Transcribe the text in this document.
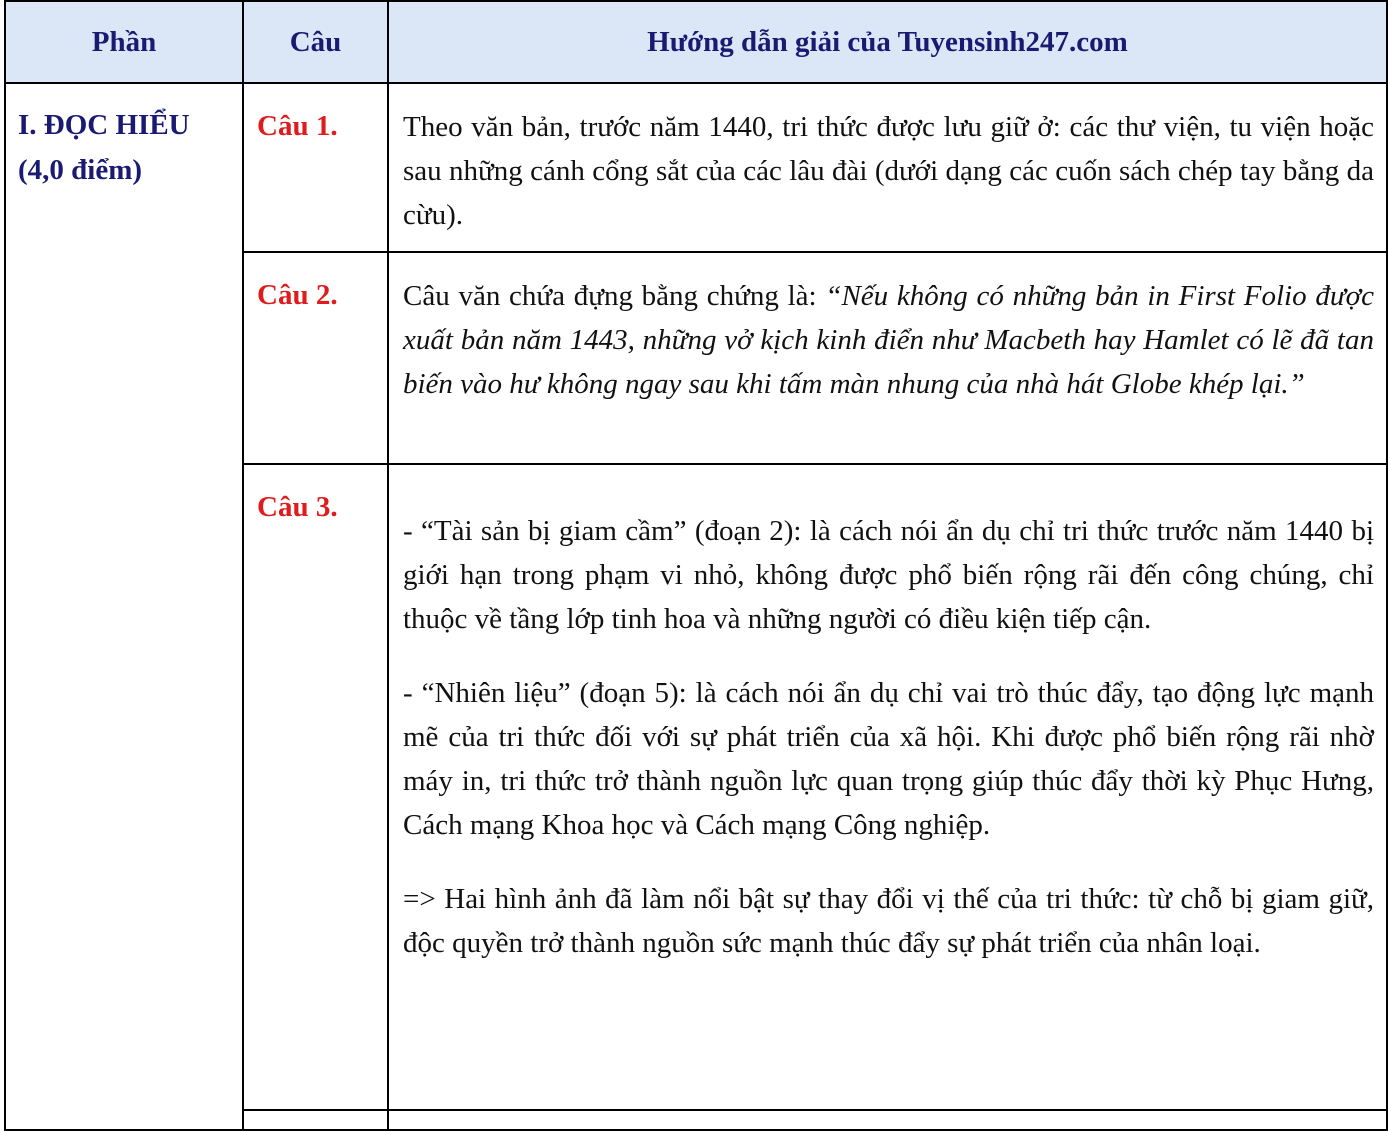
Phần	Câu	Hướng dẫn giải của Tuyensinh247.com

I. ĐỌC HIỂU
(4,0 điểm)	Câu 1.	Theo văn bản, trước năm 1440, tri thức được lưu giữ ở: các thư viện, tu viện hoặc sau những cánh cổng sắt của các lâu đài (dưới dạng các cuốn sách chép tay bằng da cừu).

	Câu 2.	Câu văn chứa đựng bằng chứng là: “Nếu không có những bản in First Folio được xuất bản năm 1443, những vở kịch kinh điển như Macbeth hay Hamlet có lẽ đã tan biến vào hư không ngay sau khi tấm màn nhung của nhà hát Globe khép lại.”

	Câu 3.	- “Tài sản bị giam cầm” (đoạn 2): là cách nói ẩn dụ chỉ tri thức trước năm 1440 bị giới hạn trong phạm vi nhỏ, không được phổ biến rộng rãi đến công chúng, chỉ thuộc về tầng lớp tinh hoa và những người có điều kiện tiếp cận.

- “Nhiên liệu” (đoạn 5): là cách nói ẩn dụ chỉ vai trò thúc đẩy, tạo động lực mạnh mẽ của tri thức đối với sự phát triển của xã hội. Khi được phổ biến rộng rãi nhờ máy in, tri thức trở thành nguồn lực quan trọng giúp thúc đẩy thời kỳ Phục Hưng, Cách mạng Khoa học và Cách mạng Công nghiệp.

=> Hai hình ảnh đã làm nổi bật sự thay đổi vị thế của tri thức: từ chỗ bị giam giữ, độc quyền trở thành nguồn sức mạnh thúc đẩy sự phát triển của nhân loại.
